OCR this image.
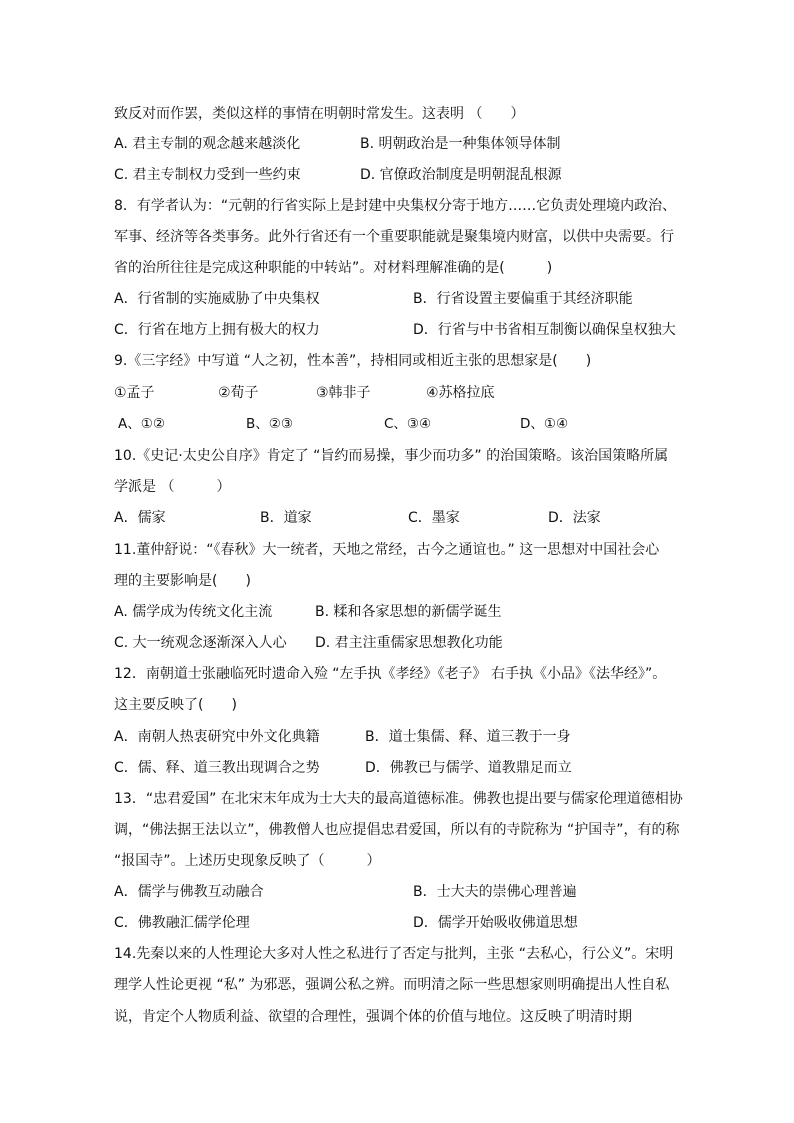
致反对而作罢，类似这样的事情在明朝时常发生。这表明 （　　）
A. 君主专制的观念越来越淡化	B. 明朝政治是一种集体领导体制
C. 君主专制权力受到一些约束	D. 官僚政治制度是明朝混乱根源
8．有学者认为：“元朝的行省实际上是封建中央集权分寄于地方……它负责处理境内政治、
军事、经济等各类事务。此外行省还有一个重要职能就是聚集境内财富，以供中央需要。行
省的治所往往是完成这种职能的中转站”。对材料理解准确的是(　　　)
A．行省制的实施威胁了中央集权	B．行省设置主要偏重于其经济职能
C．行省在地方上拥有极大的权力	D．行省与中书省相互制衡以确保皇权独大
9.《三字经》中写道 “人之初，性本善”，持相同或相近主张的思想家是(　　)
①孟子	②荀子	③韩非子	④苏格拉底
A、①②	B、②③	C、③④	D、①④
10.《史记·太史公自序》肯定了 “旨约而易操，事少而功多” 的治国策略。该治国策略所属
学派是 （　　　）
A．儒家	B．道家	C．墨家	D．法家
11.董仲舒说：“《春秋》大一统者，天地之常经，古今之通谊也。” 这一思想对中国社会心
理的主要影响是(　　)
A. 儒学成为传统文化主流	B. 糅和各家思想的新儒学诞生
C. 大一统观念逐渐深入人心	D. 君主注重儒家思想教化功能
12．南朝道士张融临死时遗命入殓 “左手执《孝经》《老子》 右手执《小品》《法华经》”。
这主要反映了(　　)
A．南朝人热衷研究中外文化典籍	B．道士集儒、释、道三教于一身
C．儒、释、道三教出现调合之势	D．佛教已与儒学、道教鼎足而立
13．“忠君爱国” 在北宋末年成为士大夫的最高道德标准。佛教也提出要与儒家伦理道德相协
调，“佛法据王法以立”，佛教僧人也应提倡忠君爱国，所以有的寺院称为 “护国寺”，有的称
“报国寺”。上述历史现象反映了（　　　）
A．儒学与佛教互动融合	B．士大夫的崇佛心理普遍
C．佛教融汇儒学伦理	D．儒学开始吸收佛道思想
14.先秦以来的人性理论大多对人性之私进行了否定与批判，主张 “去私心，行公义”。宋明
理学人性论更视 “私” 为邪恶，强调公私之辨。而明清之际一些思想家则明确提出人性自私
说，肯定个人物质利益、欲望的合理性，强调个体的价值与地位。这反映了明清时期
